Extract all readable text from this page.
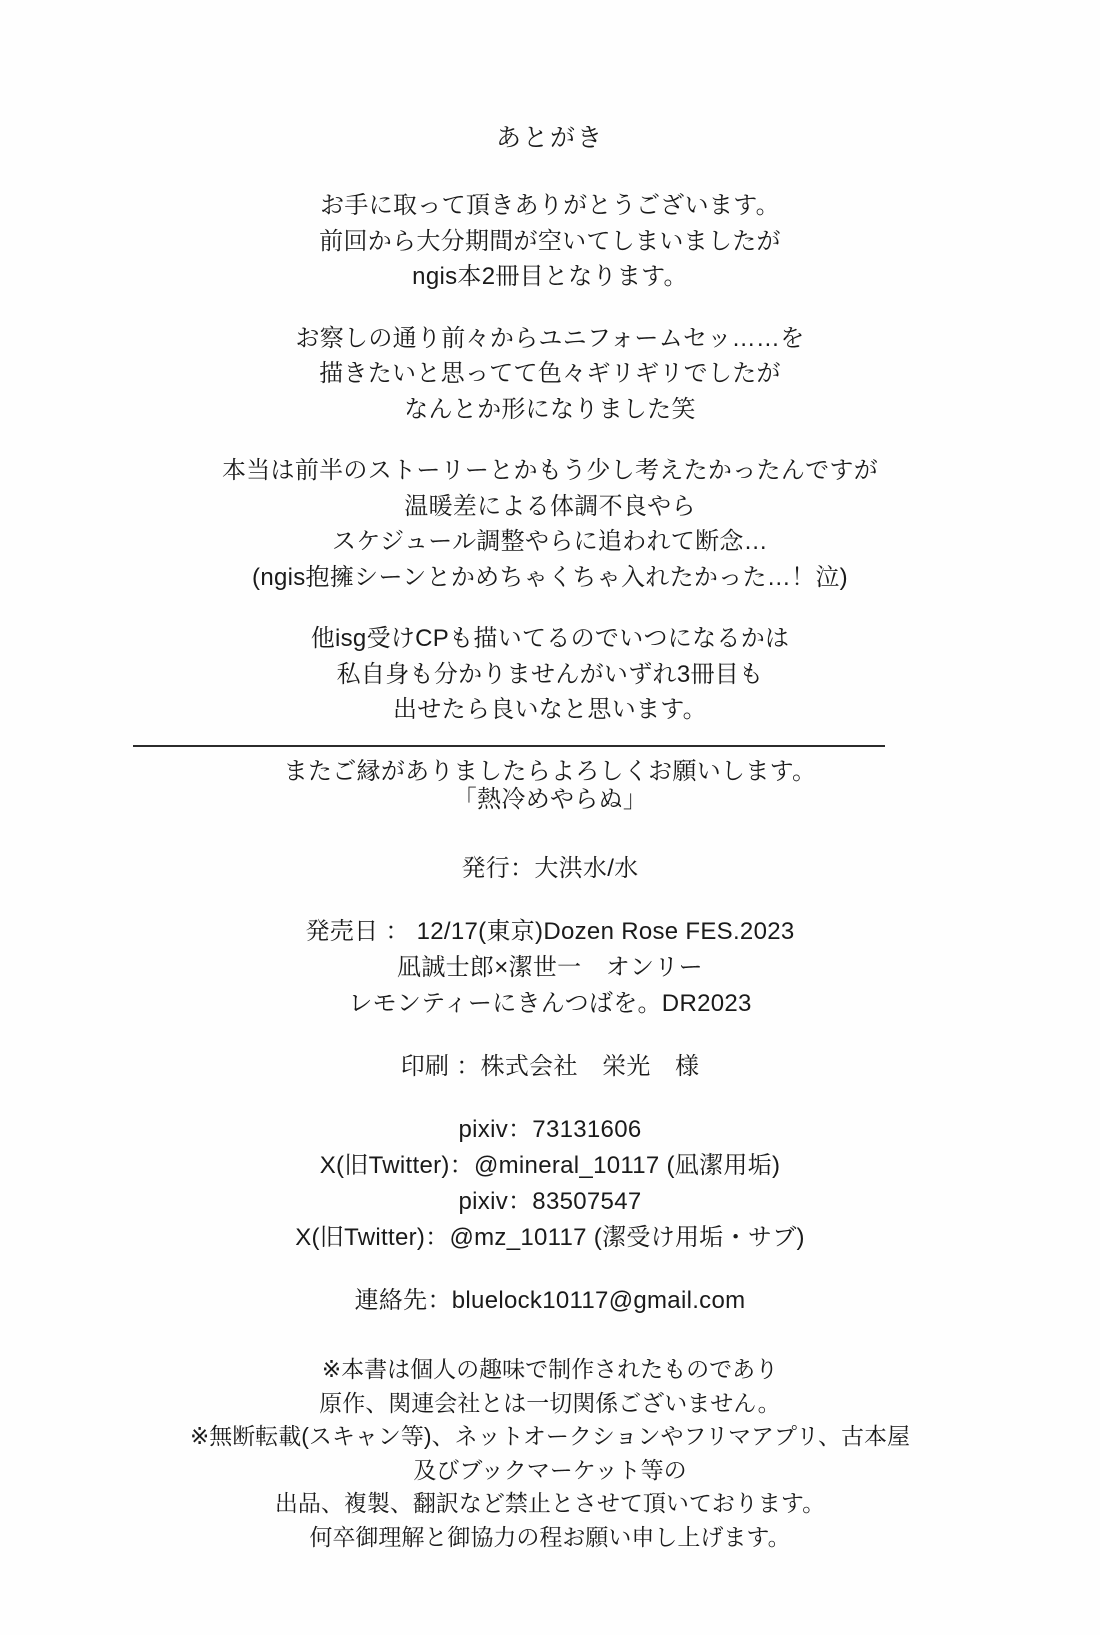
あとがき
お手に取って頂きありがとうございます。
前回から大分期間が空いてしまいましたが
ngis本2冊目となります。
お察しの通り前々からユニフォームセッ……を
描きたいと思ってて色々ギリギリでしたが
なんとか形になりました笑
本当は前半のストーリーとかもう少し考えたかったんですが
温暖差による体調不良やら
スケジュール調整やらに追われて断念…
(ngis抱擁シーンとかめちゃくちゃ入れたかった…！泣)
他isg受けCPも描いてるのでいつになるかは
私自身も分かりませんがいずれ3冊目も
出せたら良いなと思います。
またご縁がありましたらよろしくお願いします。
「熱冷めやらぬ」
発行：大洪水/水
発売日 ： 12/17(東京)Dozen Rose FES.2023
凪誠士郎×潔世一　オンリー
レモンティーにきんつばを。DR2023
印刷 ：株式会社　栄光　様
pixiv：73131606
X(旧Twitter)：@mineral_10117 (凪潔用垢)
pixiv：83507547
X(旧Twitter)：@mz_10117 (潔受け用垢・サブ)
連絡先：bluelock10117@gmail.com
※本書は個人の趣味で制作されたものであり
原作、関連会社とは一切関係ございません。
※無断転載(スキャン等)、ネットオークションやフリマアプリ、古本屋
及びブックマーケット等の
出品、複製、翻訳など禁止とさせて頂いております。
何卒御理解と御協力の程お願い申し上げます。
